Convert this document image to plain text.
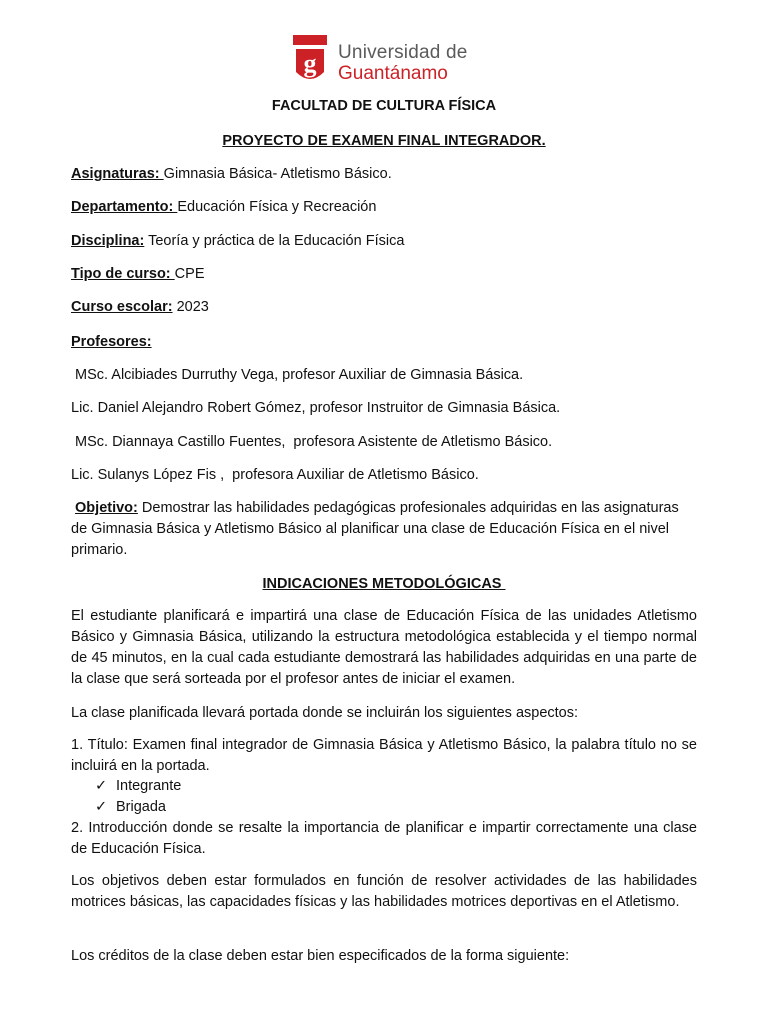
g Universidad de
Guantánamo
FACULTAD DE CULTURA FÍSICA
PROYECTO DE EXAMEN FINAL INTEGRADOR.
Asignaturas: Gimnasia Básica- Atletismo Básico.
Departamento: Educación Física y Recreación
Disciplina: Teoría y práctica de la Educación Física
Tipo de curso: CPE
Curso escolar: 2023
Profesores:
MSc. Alcibiades Durruthy Vega, profesor Auxiliar de Gimnasia Básica.
Lic. Daniel Alejandro Robert Gómez, profesor Instruitor de Gimnasia Básica.
MSc. Diannaya Castillo Fuentes,  profesora Asistente de Atletismo Básico.
Lic. Sulanys López Fis ,  profesora Auxiliar de Atletismo Básico.
Objetivo: Demostrar las habilidades pedagógicas profesionales adquiridas en las asignaturas de Gimnasia Básica y Atletismo Básico al planificar una clase de Educación Física en el nivel primario.
INDICACIONES METODOLÓGICAS
El estudiante planificará e impartirá una clase de Educación Física de las unidades Atletismo Básico y Gimnasia Básica, utilizando la estructura metodológica establecida y el tiempo normal de 45 minutos, en la cual cada estudiante demostrará las habilidades adquiridas en una parte de la clase que será sorteada por el profesor antes de iniciar el examen.
La clase planificada llevará portada donde se incluirán los siguientes aspectos:
1. Título: Examen final integrador de Gimnasia Básica y Atletismo Básico, la palabra título no se incluirá en la portada.
✓ Integrante
✓ Brigada
2. Introducción donde se resalte la importancia de planificar e impartir correctamente una clase de Educación Física.
Los objetivos deben estar formulados en función de resolver actividades de las habilidades motrices básicas, las capacidades físicas y las habilidades motrices deportivas en el Atletismo.
Los créditos de la clase deben estar bien especificados de la forma siguiente:
